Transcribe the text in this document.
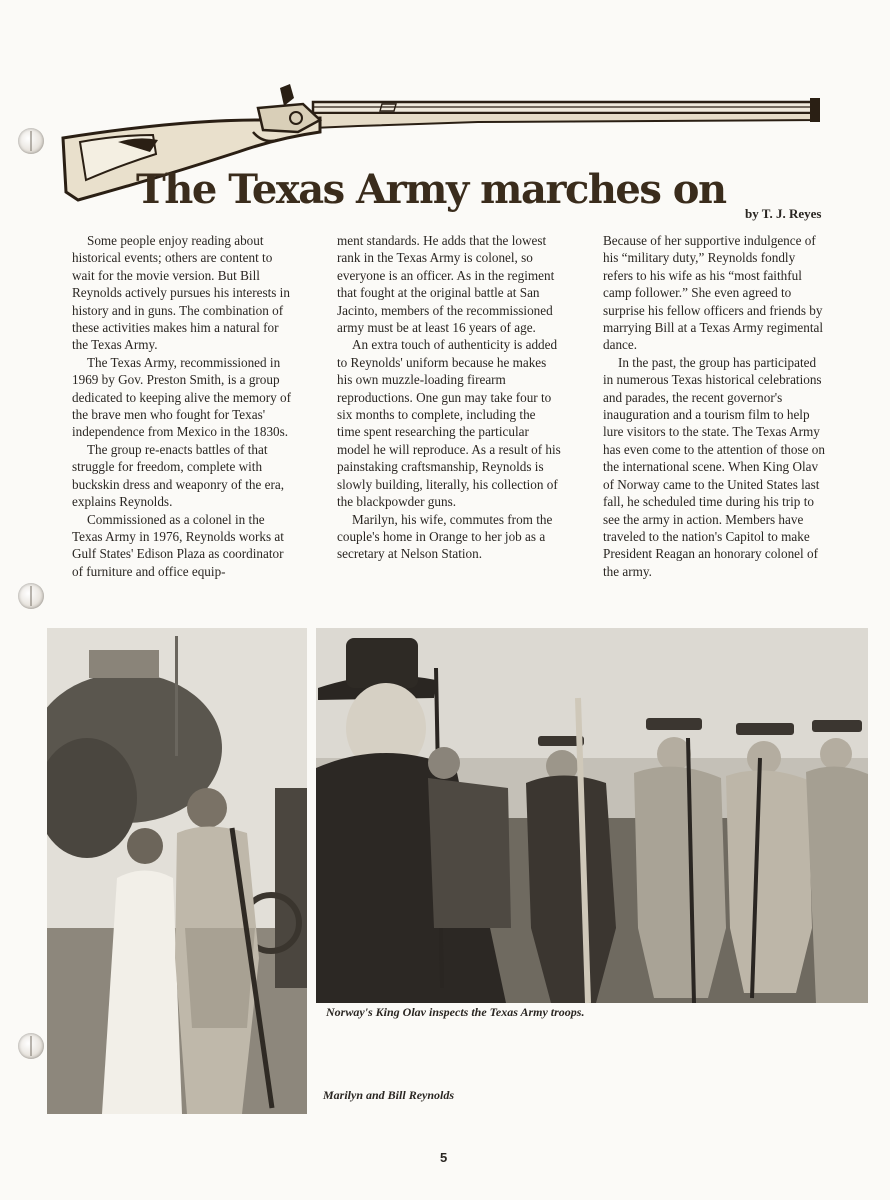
The Texas Army marches on
by T. J. Reyes

Some people enjoy reading about historical events; others are content to wait for the movie version. But Bill Reynolds actively pursues his interests in history and in guns. The combination of these activities makes him a natural for the Texas Army.

The Texas Army, recommissioned in 1969 by Gov. Preston Smith, is a group dedicated to keeping alive the memory of the brave men who fought for Texas' independence from Mexico in the 1830s.

The group re-enacts battles of that struggle for freedom, complete with buckskin dress and weaponry of the era, explains Reynolds.

Commissioned as a colonel in the Texas Army in 1976, Reynolds works at Gulf States' Edison Plaza as coordinator of furniture and office equip-

ment standards. He adds that the lowest rank in the Texas Army is colonel, so everyone is an officer. As in the regiment that fought at the original battle at San Jacinto, members of the recommissioned army must be at least 16 years of age.

An extra touch of authenticity is added to Reynolds' uniform because he makes his own muzzle-loading firearm reproductions. One gun may take four to six months to complete, including the time spent researching the particular model he will reproduce. As a result of his painstaking craftsmanship, Reynolds is slowly building, literally, his collection of the blackpowder guns.

Marilyn, his wife, commutes from the couple's home in Orange to her job as a secretary at Nelson Station.

Because of her supportive indulgence of his “military duty,” Reynolds fondly refers to his wife as his “most faithful camp follower.” She even agreed to surprise his fellow officers and friends by marrying Bill at a Texas Army regimental dance.

In the past, the group has participated in numerous Texas historical celebrations and parades, the recent governor's inauguration and a tourism film to help lure visitors to the state. The Texas Army has even come to the attention of those on the international scene. When King Olav of Norway came to the United States last fall, he scheduled time during his trip to see the army in action. Members have traveled to the nation's Capitol to make President Reagan an honorary colonel of the army.

Norway's King Olav inspects the Texas Army troops.
Marilyn and Bill Reynolds
5
